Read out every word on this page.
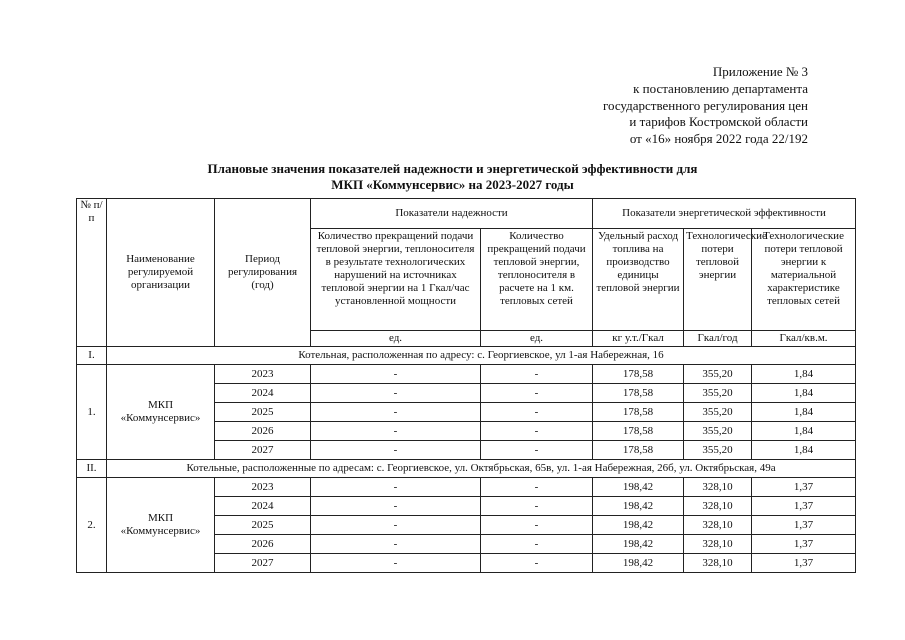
Приложение № 3
к постановлению департамента
государственного регулирования цен
и тарифов Костромской области
от «16» ноября 2022 года 22/192
Плановые значения показателей надежности и энергетической эффективности для
МКП «Коммунсервис» на 2023-2027 годы
№ п/п	Наименование регулируемой организации	Период регулирования (год)	Показатели надежности		Показатели энергетической эффективности		
			Количество прекращений подачи тепловой энергии, теплоносителя в результате технологических нарушений на источниках тепловой энергии на 1 Гкал/час установленной мощности	Количество прекращений подачи тепловой энергии, теплоносителя в расчете на 1 км. тепловых сетей	Удельный расход топлива на производство единицы тепловой энергии	Технологические потери тепловой энергии	Технологические потери тепловой энергии к материальной характеристике тепловых сетей
			ед.	ед.	кг у.т./Гкал	Гкал/год	Гкал/кв.м.
I.	Котельная, расположенная по адресу: с. Георгиевское, ул 1-ая Набережная, 16						
1.	МКП «Коммунсервис»	2023	-	-	178,58	355,20	1,84
		2024	-	-	178,58	355,20	1,84
		2025	-	-	178,58	355,20	1,84
		2026	-	-	178,58	355,20	1,84
		2027	-	-	178,58	355,20	1,84
II.	Котельные, расположенные по адресам: с. Георгиевское, ул. Октябрьская, 65в, ул. 1-ая Набережная, 26б, ул. Октябрьская, 49а						
2.	МКП «Коммунсервис»	2023	-	-	198,42	328,10	1,37
		2024	-	-	198,42	328,10	1,37
		2025	-	-	198,42	328,10	1,37
		2026	-	-	198,42	328,10	1,37
		2027	-	-	198,42	328,10	1,37
